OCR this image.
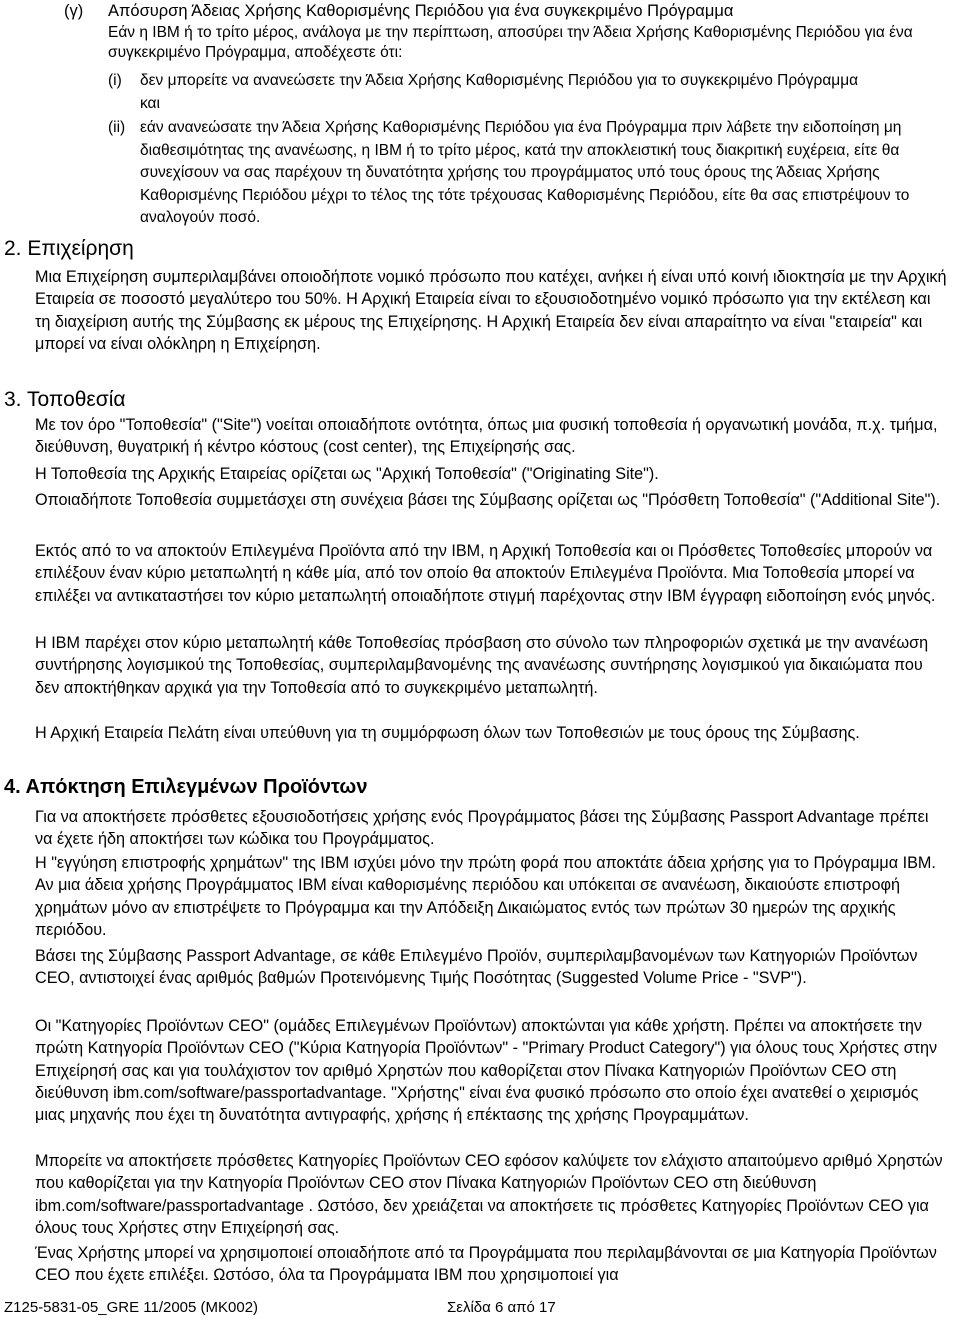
(γ) Απόσυρση Άδειας Χρήσης Καθορισμένης Περιόδου για ένα συγκεκριμένο Πρόγραμμα
Εάν η IBM ή το τρίτο μέρος, ανάλογα με την περίπτωση, αποσύρει την Άδεια Χρήσης Καθορισμένης Περιόδου για ένα συγκεκριμένο Πρόγραμμα, αποδέχεστε ότι:
(i) δεν μπορείτε να ανανεώσετε την Άδεια Χρήσης Καθορισμένης Περιόδου για το συγκεκριμένο Πρόγραμμα και
(ii) εάν ανανεώσατε την Άδεια Χρήσης Καθορισμένης Περιόδου για ένα Πρόγραμμα πριν λάβετε την ειδοποίηση μη διαθεσιμότητας της ανανέωσης, η IBM ή το τρίτο μέρος, κατά την αποκλειστική τους διακριτική ευχέρεια, είτε θα συνεχίσουν να σας παρέχουν τη δυνατότητα χρήσης του προγράμματος υπό τους όρους της Άδειας Χρήσης Καθορισμένης Περιόδου μέχρι το τέλος της τότε τρέχουσας Καθορισμένης Περιόδου, είτε θα σας επιστρέψουν το αναλογούν ποσό.
2. Επιχείρηση

Μια Επιχείρηση συμπεριλαμβάνει οποιοδήποτε νομικό πρόσωπο που κατέχει, ανήκει ή είναι υπό κοινή ιδιοκτησία με την Αρχική Εταιρεία σε ποσοστό μεγαλύτερο του 50%. Η Αρχική Εταιρεία είναι το εξουσιοδοτημένο νομικό πρόσωπο για την εκτέλεση και τη διαχείριση αυτής της Σύμβασης εκ μέρους της Επιχείρησης. Η Αρχική Εταιρεία δεν είναι απαραίτητο να είναι "εταιρεία" και μπορεί να είναι ολόκληρη η Επιχείρηση.

3. Τοποθεσία

Με τον όρο "Τοποθεσία" ("Site") νοείται οποιαδήποτε οντότητα, όπως μια φυσική τοποθεσία ή οργανωτική μονάδα, π.χ. τμήμα, διεύθυνση, θυγατρική ή κέντρο κόστους (cost center), της Επιχείρησής σας.

Η Τοποθεσία της Αρχικής Εταιρείας ορίζεται ως "Αρχική Τοποθεσία" ("Originating Site").

Οποιαδήποτε Τοποθεσία συμμετάσχει στη συνέχεια βάσει της Σύμβασης ορίζεται ως "Πρόσθετη Τοποθεσία" ("Additional Site").

Εκτός από το να αποκτούν Επιλεγμένα Προϊόντα από την IBM, η Αρχική Τοποθεσία και οι Πρόσθετες Τοποθεσίες μπορούν να επιλέξουν έναν κύριο μεταπωλητή η κάθε μία, από τον οποίο θα αποκτούν Επιλεγμένα Προϊόντα. Μια Τοποθεσία μπορεί να επιλέξει να αντικαταστήσει τον κύριο μεταπωλητή οποιαδήποτε στιγμή παρέχοντας στην IBM έγγραφη ειδοποίηση ενός μηνός.

Η IBM παρέχει στον κύριο μεταπωλητή κάθε Τοποθεσίας πρόσβαση στο σύνολο των πληροφοριών σχετικά με την ανανέωση συντήρησης λογισμικού της Τοποθεσίας, συμπεριλαμβανομένης της ανανέωσης συντήρησης λογισμικού για δικαιώματα που δεν αποκτήθηκαν αρχικά για την Τοποθεσία από το συγκεκριμένο μεταπωλητή.

Η Αρχική Εταιρεία Πελάτη είναι υπεύθυνη για τη συμμόρφωση όλων των Τοποθεσιών με τους όρους της Σύμβασης.

4. Απόκτηση Επιλεγμένων Προϊόντων

Για να αποκτήσετε πρόσθετες εξουσιοδοτήσεις χρήσης ενός Προγράμματος βάσει της Σύμβασης Passport Advantage πρέπει να έχετε ήδη αποκτήσει των κώδικα του Προγράμματος.

Η "εγγύηση επιστροφής χρημάτων" της IBM ισχύει μόνο την πρώτη φορά που αποκτάτε άδεια χρήσης για το Πρόγραμμα IBM. Αν μια άδεια χρήσης Προγράμματος IBM είναι καθορισμένης περιόδου και υπόκειται σε ανανέωση, δικαιούστε επιστροφή χρημάτων μόνο αν επιστρέψετε το Πρόγραμμα και την Απόδειξη Δικαιώματος εντός των πρώτων 30 ημερών της αρχικής περιόδου.

Βάσει της Σύμβασης Passport Advantage, σε κάθε Επιλεγμένο Προϊόν, συμπεριλαμβανομένων των Κατηγοριών Προϊόντων CEO, αντιστοιχεί ένας αριθμός βαθμών Προτεινόμενης Τιμής Ποσότητας (Suggested Volume Price - "SVP").

Οι "Κατηγορίες Προϊόντων CEO" (ομάδες Επιλεγμένων Προϊόντων) αποκτώνται για κάθε χρήστη. Πρέπει να αποκτήσετε την πρώτη Κατηγορία Προϊόντων CEO ("Κύρια Κατηγορία Προϊόντων" - "Primary Product Category") για όλους τους Χρήστες στην Επιχείρησή σας και για τουλάχιστον τον αριθμό Χρηστών που καθορίζεται στον Πίνακα Κατηγοριών Προϊόντων CEO στη διεύθυνση ibm.com/software/passportadvantage. "Χρήστης" είναι ένα φυσικό πρόσωπο στο οποίο έχει ανατεθεί ο χειρισμός μιας μηχανής που έχει τη δυνατότητα αντιγραφής, χρήσης ή επέκτασης της χρήσης Προγραμμάτων.

Μπορείτε να αποκτήσετε πρόσθετες Κατηγορίες Προϊόντων CEO εφόσον καλύψετε τον ελάχιστο απαιτούμενο αριθμό Χρηστών που καθορίζεται για την Κατηγορία Προϊόντων CEO στον Πίνακα Κατηγοριών Προϊόντων CEO στη διεύθυνση ibm.com/software/passportadvantage . Ωστόσο, δεν χρειάζεται να αποκτήσετε τις πρόσθετες Κατηγορίες Προϊόντων CEO για όλους τους Χρήστες στην Επιχείρησή σας.

Ένας Χρήστης μπορεί να χρησιμοποιεί οποιαδήποτε από τα Προγράμματα που περιλαμβάνονται σε μια Κατηγορία Προϊόντων CEO που έχετε επιλέξει. Ωστόσο, όλα τα Προγράμματα IBM που χρησιμοποιεί για

Z125-5831-05_GRE 11/2005 (MK002)	Σελίδα 6 από 17
